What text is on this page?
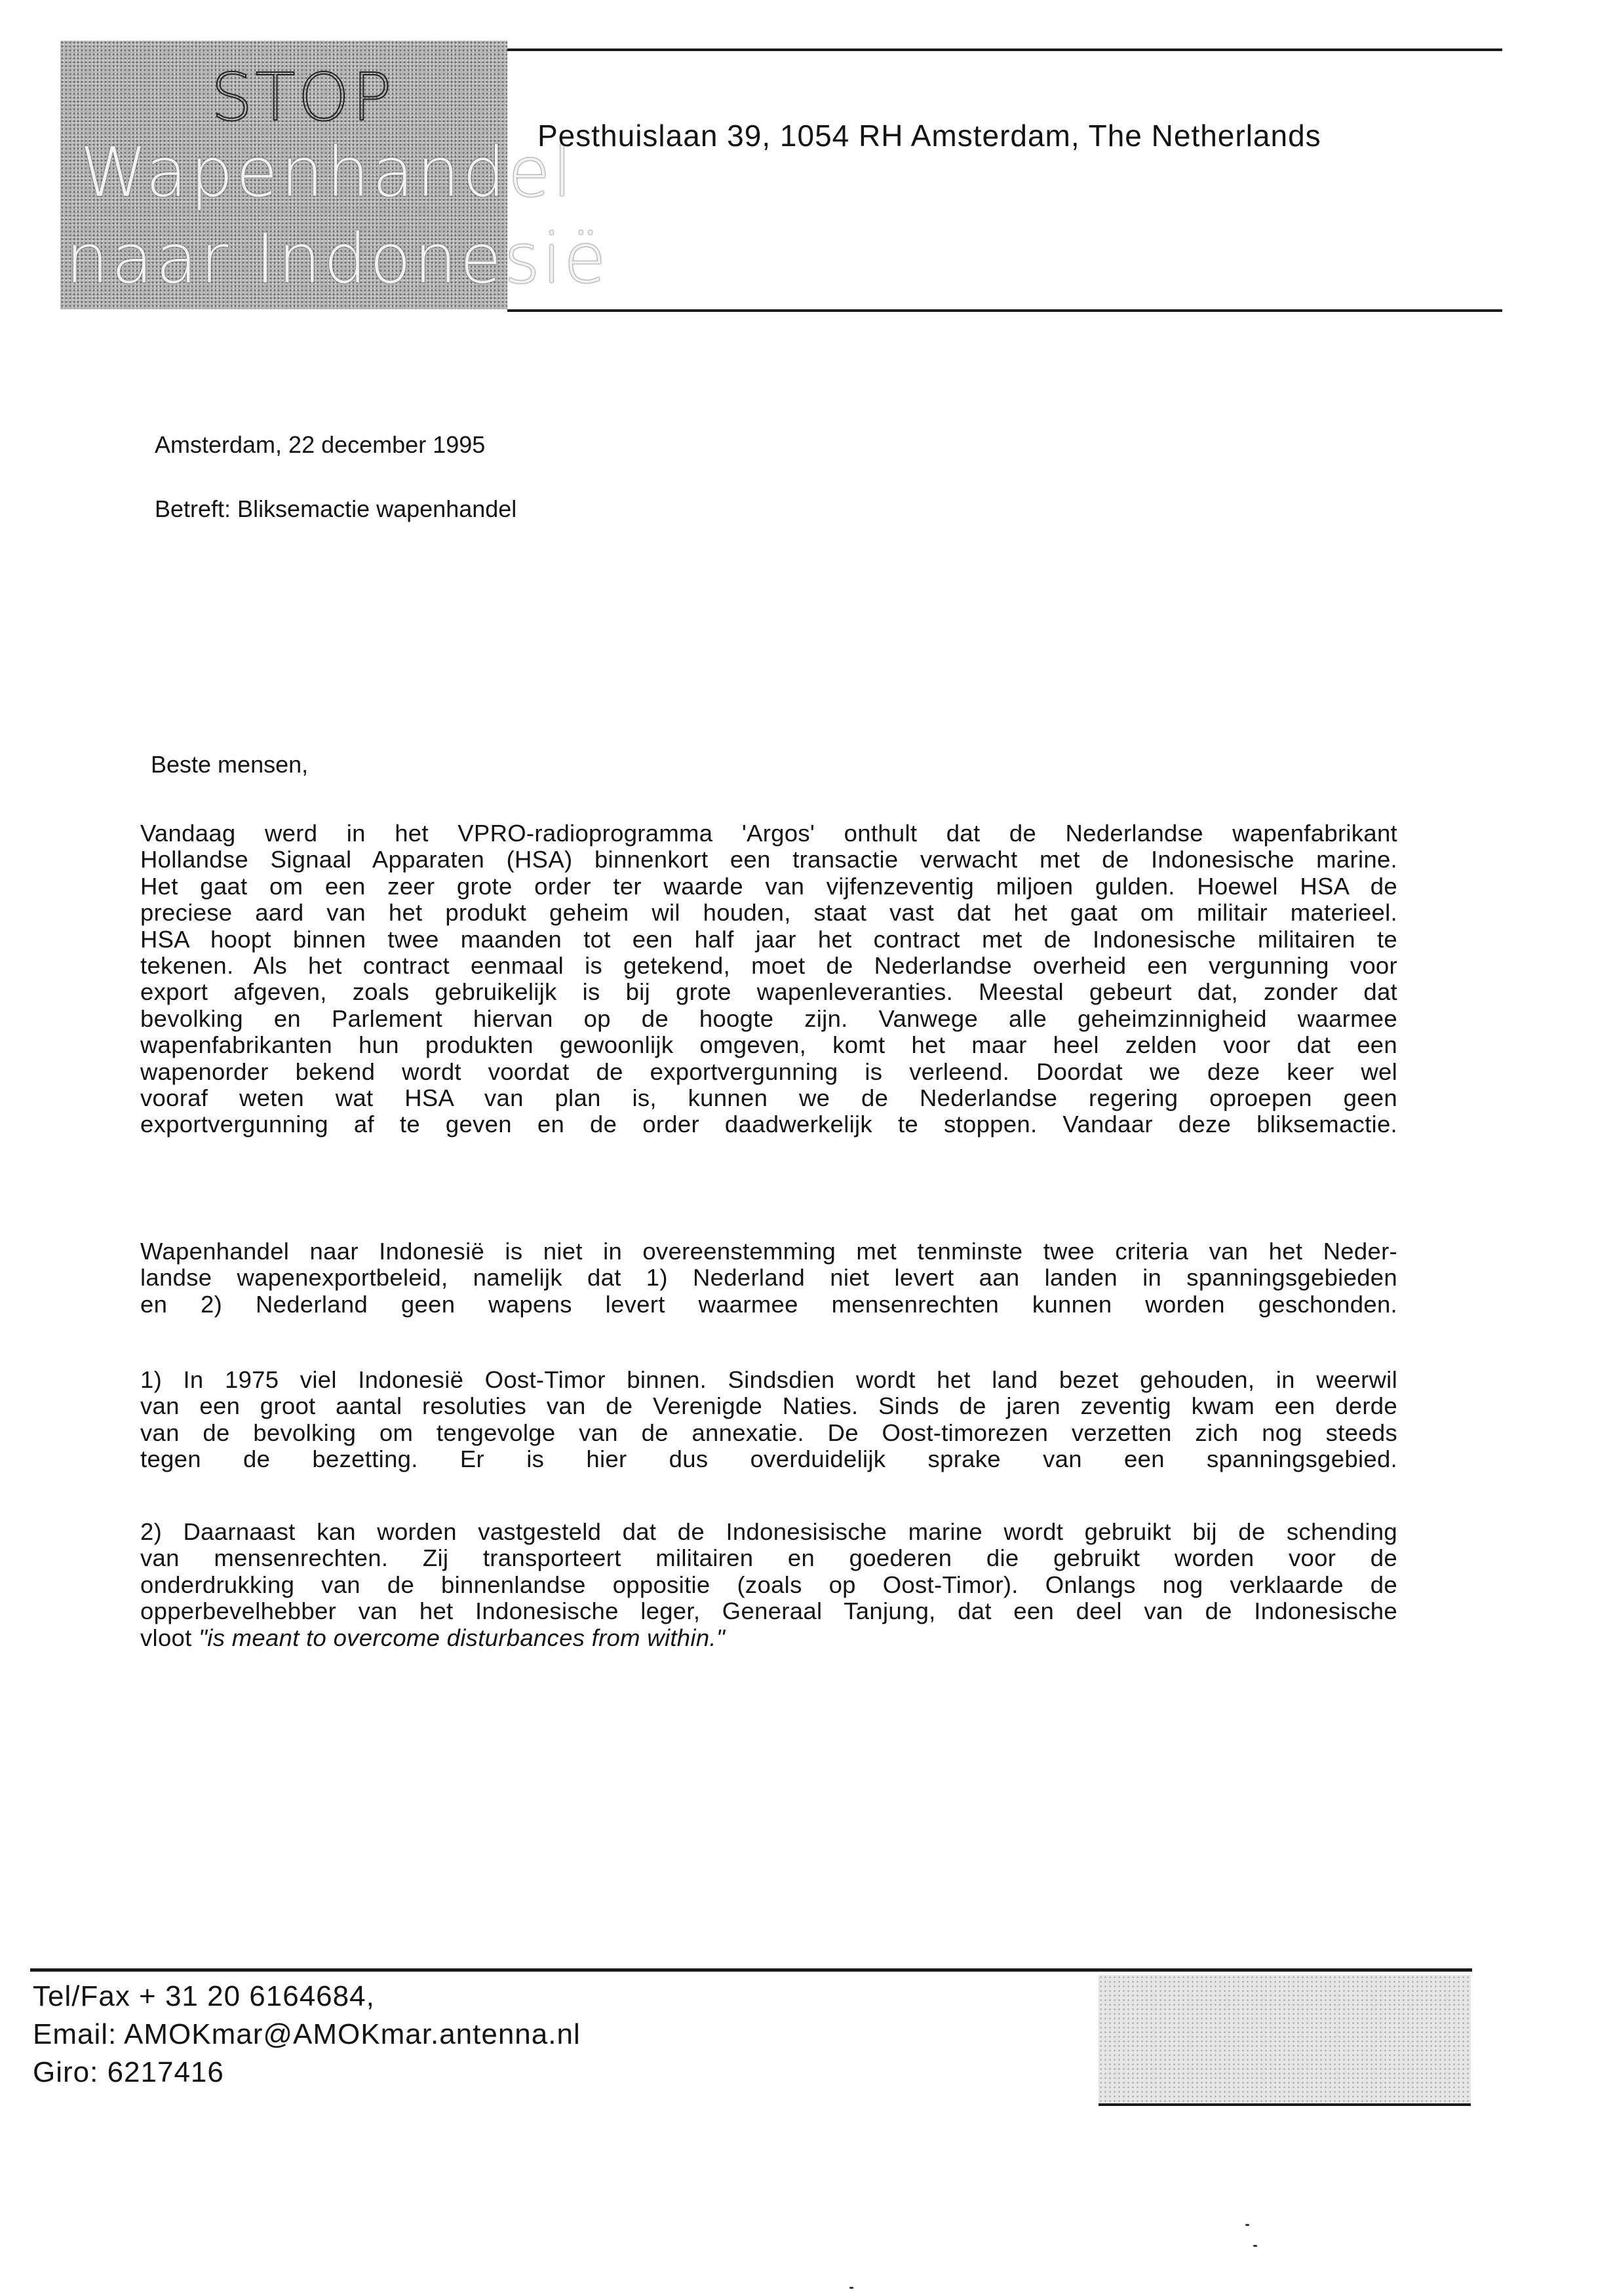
STOP
Wapenhandel
naar Indonesië
Pesthuislaan 39, 1054 RH Amsterdam, The Netherlands
Amsterdam, 22 december 1995
Betreft: Bliksemactie wapenhandel
Beste mensen,
Vandaag werd in het VPRO-radioprogramma 'Argos' onthult dat de Nederlandse wapenfabrikant
Hollandse Signaal Apparaten (HSA) binnenkort een transactie verwacht met de Indonesische marine.
Het gaat om een zeer grote order ter waarde van vijfenzeventig miljoen gulden. Hoewel HSA de
preciese aard van het produkt geheim wil houden, staat vast dat het gaat om militair materieel.
HSA hoopt binnen twee maanden tot een half jaar het contract met de Indonesische militairen te
tekenen. Als het contract eenmaal is getekend, moet de Nederlandse overheid een vergunning voor
export afgeven, zoals gebruikelijk is bij grote wapenleveranties. Meestal gebeurt dat, zonder dat
bevolking en Parlement hiervan op de hoogte zijn. Vanwege alle geheimzinnigheid waarmee
wapenfabrikanten hun produkten gewoonlijk omgeven, komt het maar heel zelden voor dat een
wapenorder bekend wordt voordat de exportvergunning is verleend. Doordat we deze keer wel
vooraf weten wat HSA van plan is, kunnen we de Nederlandse regering oproepen geen
exportvergunning af te geven en de order daadwerkelijk te stoppen. Vandaar deze bliksemactie.
Wapenhandel naar Indonesië is niet in overeenstemming met tenminste twee criteria van het Neder-
landse wapenexportbeleid, namelijk dat 1) Nederland niet levert aan landen in spanningsgebieden
en 2) Nederland geen wapens levert waarmee mensenrechten kunnen worden geschonden.
1) In 1975 viel Indonesië Oost-Timor binnen. Sindsdien wordt het land bezet gehouden, in weerwil
van een groot aantal resoluties van de Verenigde Naties. Sinds de jaren zeventig kwam een derde
van de bevolking om tengevolge van de annexatie. De Oost-timorezen verzetten zich nog steeds
tegen de bezetting. Er is hier dus overduidelijk sprake van een spanningsgebied.
2) Daarnaast kan worden vastgesteld dat de Indonesisische marine wordt gebruikt bij de schending
van mensenrechten. Zij transporteert militairen en goederen die gebruikt worden voor de
onderdrukking van de binnenlandse oppositie (zoals op Oost-Timor). Onlangs nog verklaarde de
opperbevelhebber van het Indonesische leger, Generaal Tanjung, dat een deel van de Indonesische
vloot "is meant to overcome disturbances from within."
Tel/Fax + 31 20 6164684,
Email: AMOKmar@AMOKmar.antenna.nl
Giro: 6217416
